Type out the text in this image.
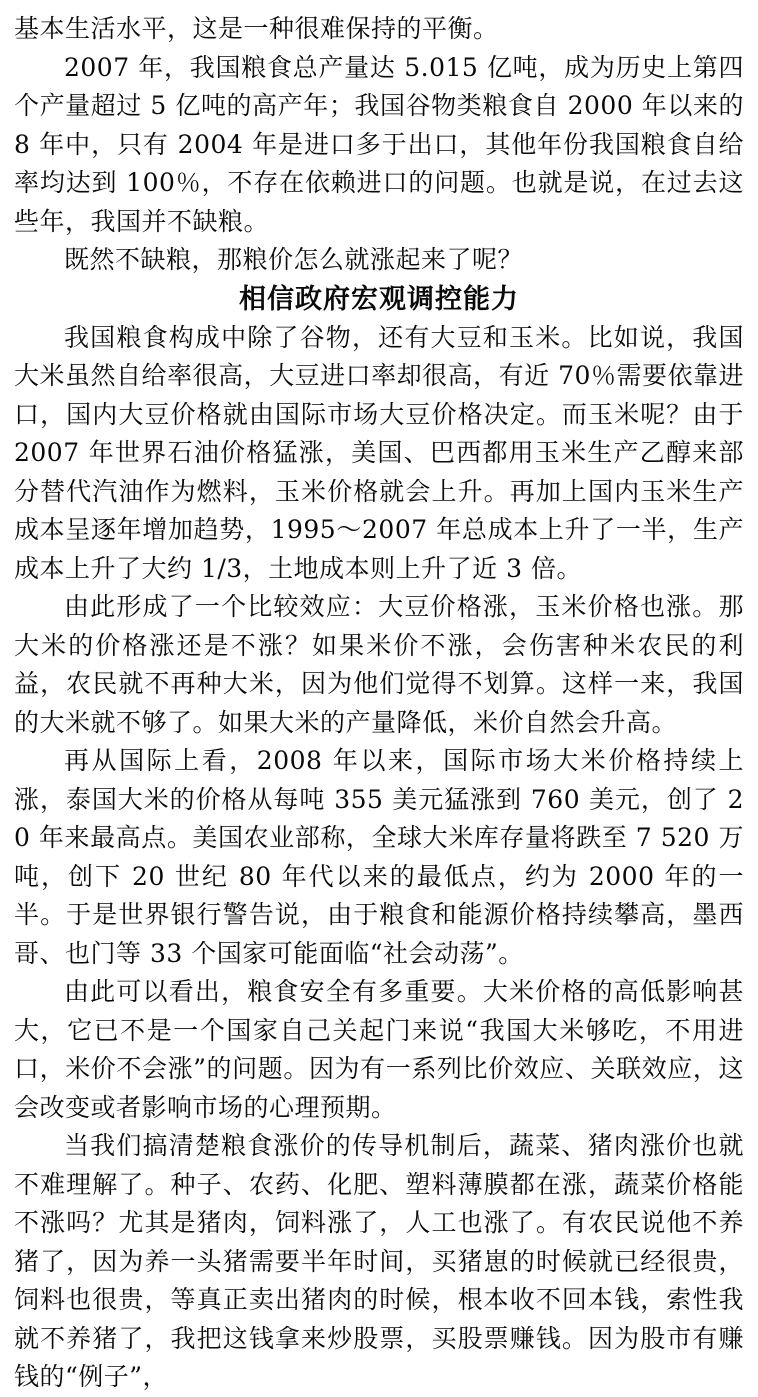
基本生活水平，这是一种很难保持的平衡。

2007 年，我国粮食总产量达 5.015 亿吨，成为历史上第四个产量超过 5 亿吨的高产年；我国谷物类粮食自 2000 年以来的 8 年中，只有 2004 年是进口多于出口，其他年份我国粮食自给率均达到 100％，不存在依赖进口的问题。也就是说，在过去这些年，我国并不缺粮。

既然不缺粮，那粮价怎么就涨起来了呢？

相信政府宏观调控能力

我国粮食构成中除了谷物，还有大豆和玉米。比如说，我国大米虽然自给率很高，大豆进口率却很高，有近 70％需要依靠进口，国内大豆价格就由国际市场大豆价格决定。而玉米呢？由于 2007 年世界石油价格猛涨，美国、巴西都用玉米生产乙醇来部分替代汽油作为燃料，玉米价格就会上升。再加上国内玉米生产成本呈逐年增加趋势，1995～2007 年总成本上升了一半，生产成本上升了大约 1/3，土地成本则上升了近 3 倍。

由此形成了一个比较效应：大豆价格涨，玉米价格也涨。那大米的价格涨还是不涨？如果米价不涨，会伤害种米农民的利益，农民就不再种大米，因为他们觉得不划算。这样一来，我国的大米就不够了。如果大米的产量降低，米价自然会升高。

再从国际上看，2008 年以来，国际市场大米价格持续上涨，泰国大米的价格从每吨 355 美元猛涨到 760 美元，创了 20 年来最高点。美国农业部称，全球大米库存量将跌至 7 520 万吨，创下 20 世纪 80 年代以来的最低点，约为 2000 年的一半。于是世界银行警告说，由于粮食和能源价格持续攀高，墨西哥、也门等 33 个国家可能面临“社会动荡”。

由此可以看出，粮食安全有多重要。大米价格的高低影响甚大，它已不是一个国家自己关起门来说“我国大米够吃，不用进口，米价不会涨”的问题。因为有一系列比价效应、关联效应，这会改变或者影响市场的心理预期。

当我们搞清楚粮食涨价的传导机制后，蔬菜、猪肉涨价也就不难理解了。种子、农药、化肥、塑料薄膜都在涨，蔬菜价格能不涨吗？尤其是猪肉，饲料涨了，人工也涨了。有农民说他不养猪了，因为养一头猪需要半年时间，买猪崽的时候就已经很贵，饲料也很贵，等真正卖出猪肉的时候，根本收不回本钱，索性我就不养猪了，我把这钱拿来炒股票，买股票赚钱。因为股市有赚钱的“例子”，
